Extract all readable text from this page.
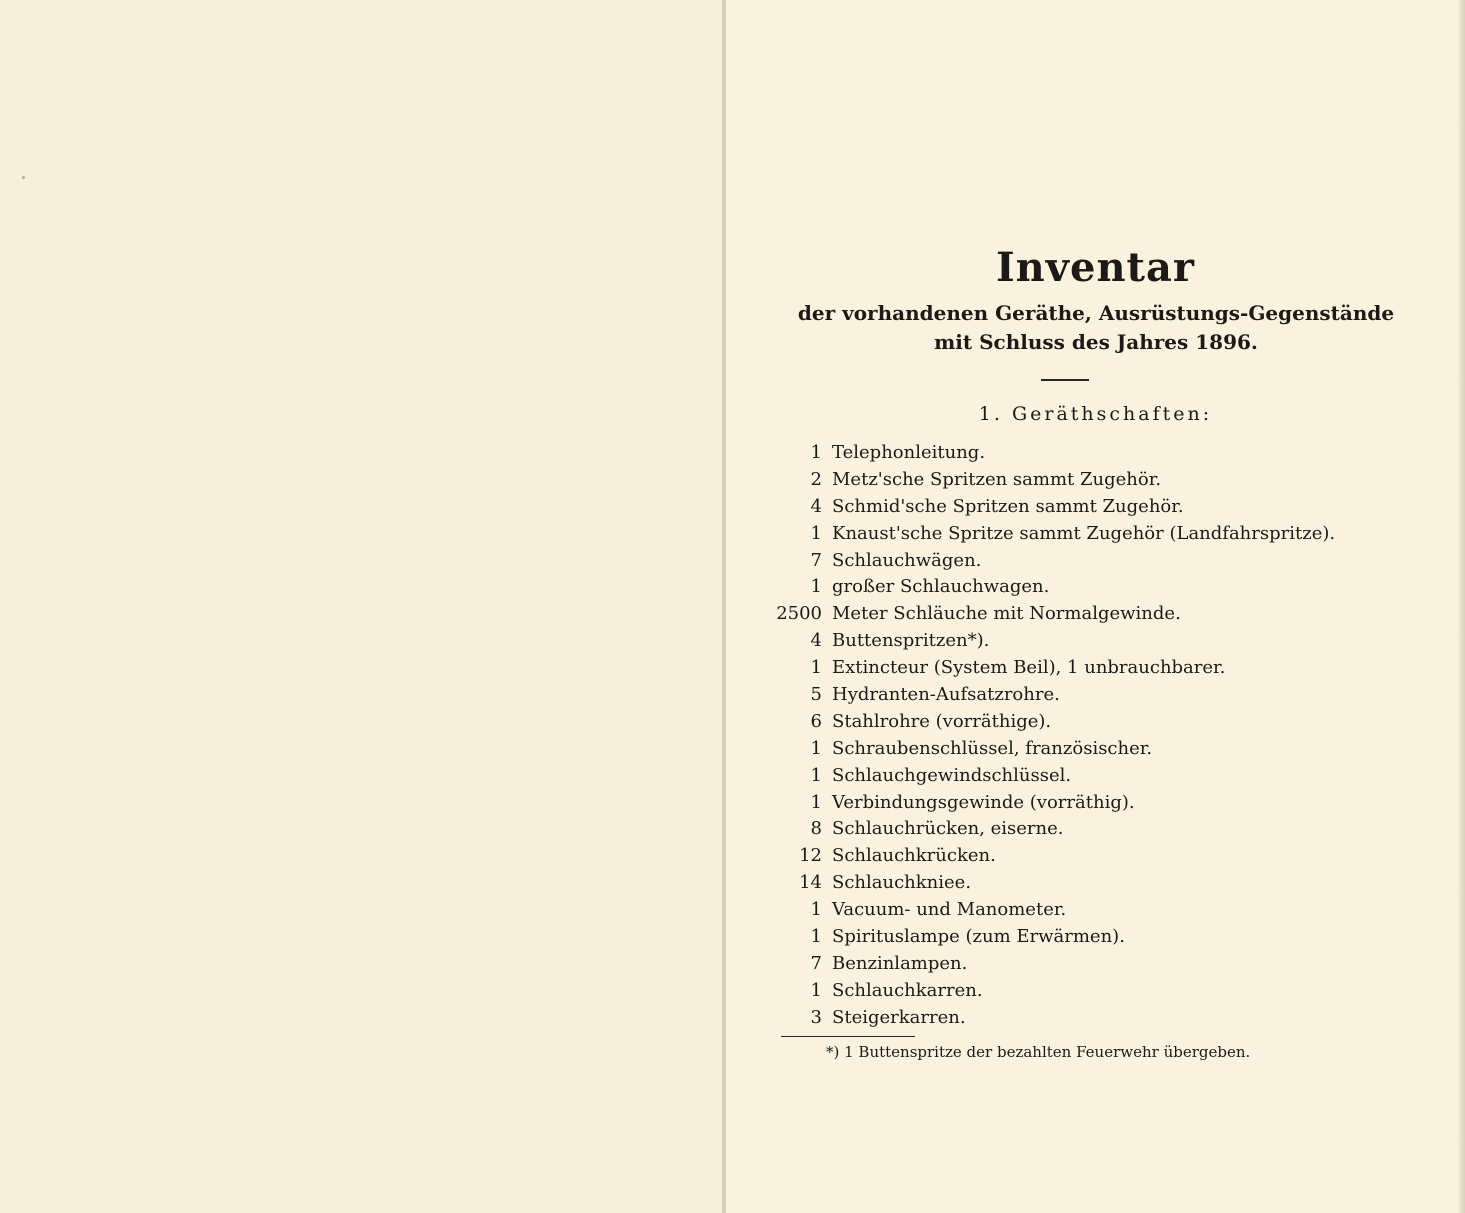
Inventar
der vorhandenen Geräthe, Ausrüstungs-Gegenstände mit Schluss des Jahres 1896.
1. Geräthschaften:
1 Telephonleitung.
2 Metz'sche Spritzen sammt Zugehör.
4 Schmid'sche Spritzen sammt Zugehör.
1 Knaust'sche Spritze sammt Zugehör (Landfahrspritze).
7 Schlauchwägen.
1 großer Schlauchwagen.
2500 Meter Schläuche mit Normalgewinde.
4 Buttenspritzen*).
1 Extincteur (System Beil), 1 unbrauchbarer.
5 Hydranten-Aufsatzrohre.
6 Stahlrohre (vorräthige).
1 Schraubenschlüssel, französischer.
1 Schlauchgewindschlüssel.
1 Verbindungsgewinde (vorräthig).
8 Schlauchrücken, eiserne.
12 Schlauchkrücken.
14 Schlauchkniee.
1 Vacuum- und Manometer.
1 Spirituslampe (zum Erwärmen).
7 Benzinlampen.
1 Schlauchkarren.
3 Steigerkarren.
*) 1 Buttenspritze der bezahlten Feuerwehr übergeben.
